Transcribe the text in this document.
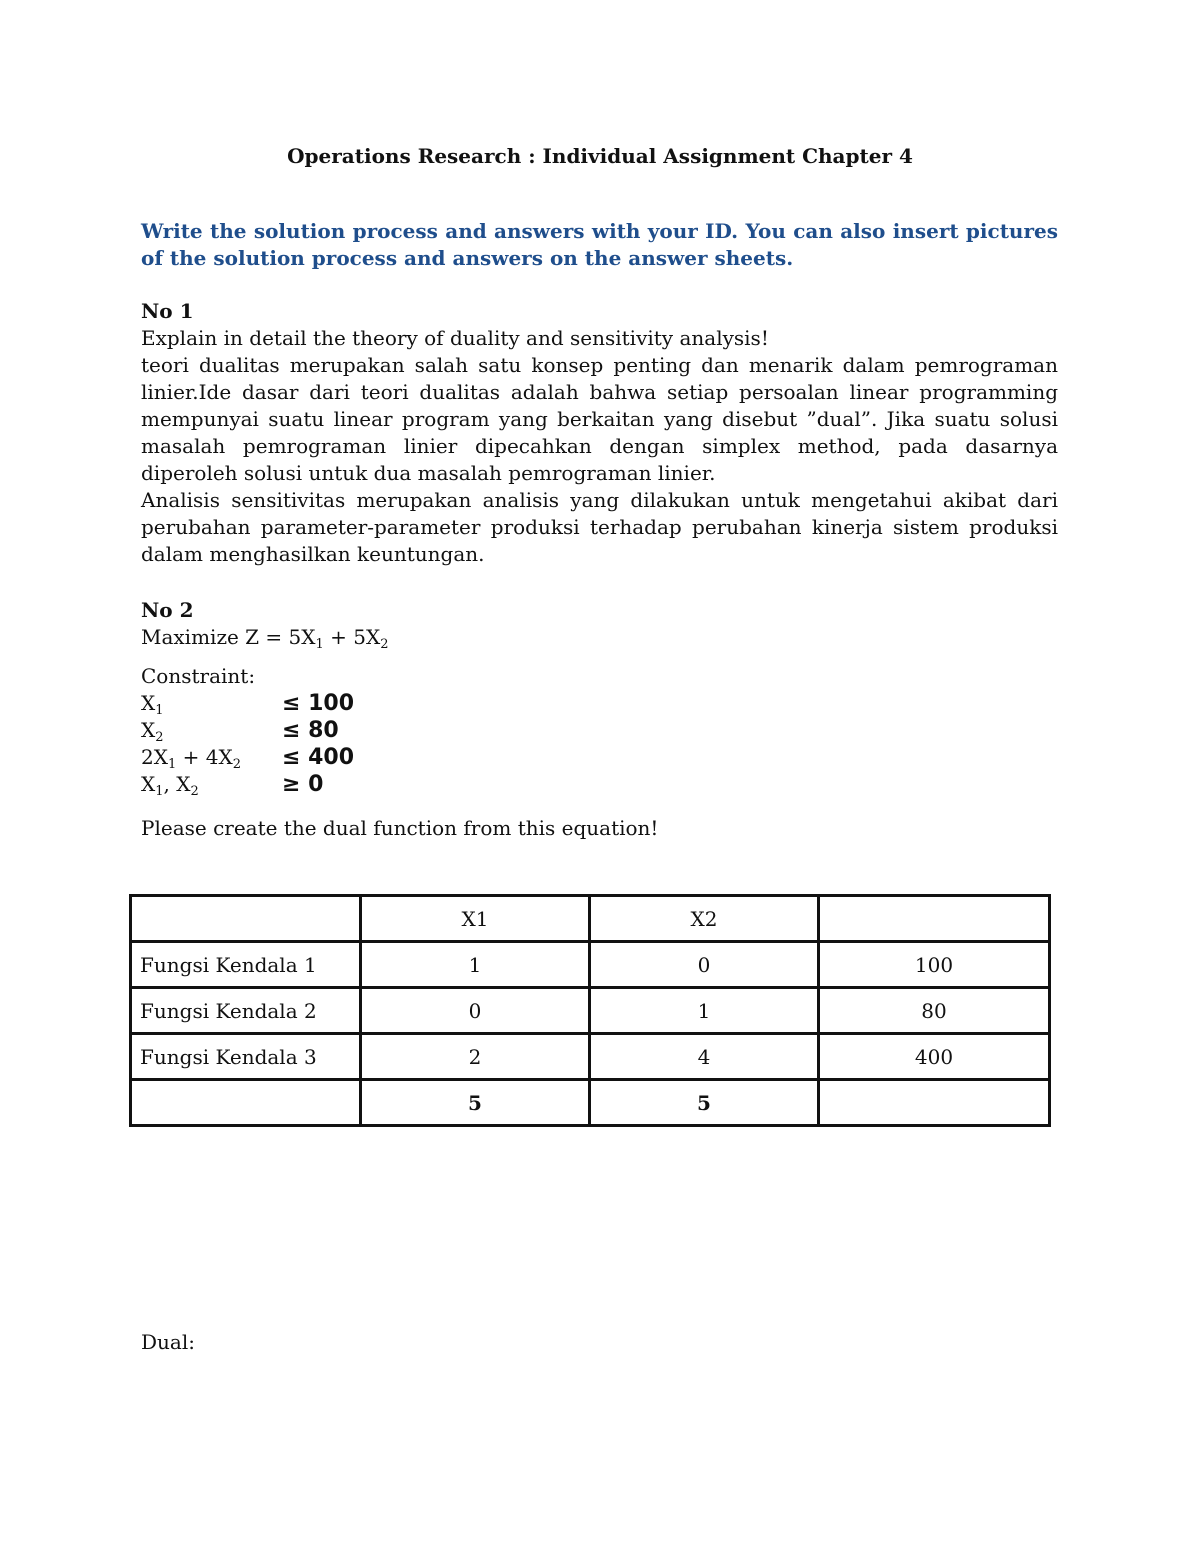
Operations Research : Individual Assignment Chapter 4
Write the solution process and answers with your ID. You can also insert pictures of the solution process and answers on the answer sheets.
No 1
Explain in detail the theory of duality and sensitivity analysis!
teori dualitas merupakan salah satu konsep penting dan menarik dalam pemrograman linier.Ide dasar dari teori dualitas adalah bahwa setiap persoalan linear programming mempunyai suatu linear program yang berkaitan yang disebut ”dual”. Jika suatu solusi masalah pemrograman linier dipecahkan dengan simplex method, pada dasarnya diperoleh solusi untuk dua masalah pemrograman linier.
Analisis sensitivitas merupakan analisis yang dilakukan untuk mengetahui akibat dari perubahan parameter-parameter produksi terhadap perubahan kinerja sistem produksi dalam menghasilkan keuntungan.
No 2
Maximize $Z = 5X_1 + 5X_2$
Constraint:
$X_1$	≤ 100
$X_2$	≤ 80
$2X_1 + 4X_2$	≤ 400
$X_1$, $X_2$	≥ 0
Please create the dual function from this equation!
	X1	X2	
Fungsi Kendala 1	1	0	100
Fungsi Kendala 2	0	1	80
Fungsi Kendala 3	2	4	400
	5	5	
Dual:
